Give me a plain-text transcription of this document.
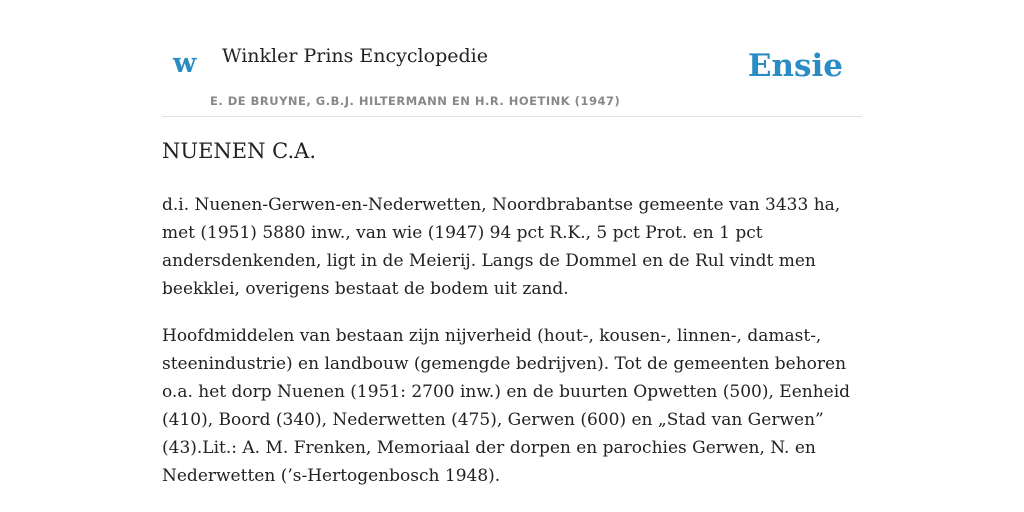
w Winkler Prins Encyclopedie
E. DE BRUYNE, G.B.J. HILTERMANN EN H.R. HOETINK (1947)
Ensie
NUENEN C.A.

d.i. Nuenen-Gerwen-en-Nederwetten, Noordbrabantse gemeente van 3433 ha, met (1951) 5880 inw., van wie (1947) 94 pct R.K., 5 pct Prot. en 1 pct andersdenkenden, ligt in de Meierij. Langs de Dommel en de Rul vindt men beekklei, overigens bestaat de bodem uit zand.

Hoofdmiddelen van bestaan zijn nijverheid (hout-, kousen-, linnen-, damast-, steenindustrie) en landbouw (gemengde bedrijven). Tot de gemeenten behoren o.a. het dorp Nuenen (1951: 2700 inw.) en de buurten Opwetten (500), Eenheid (410), Boord (340), Nederwetten (475), Gerwen (600) en „Stad van Gerwen” (43).Lit.: A. M. Frenken, Memoriaal der dorpen en parochies Gerwen, N. en Nederwetten (’s-Hertogenbosch 1948).
